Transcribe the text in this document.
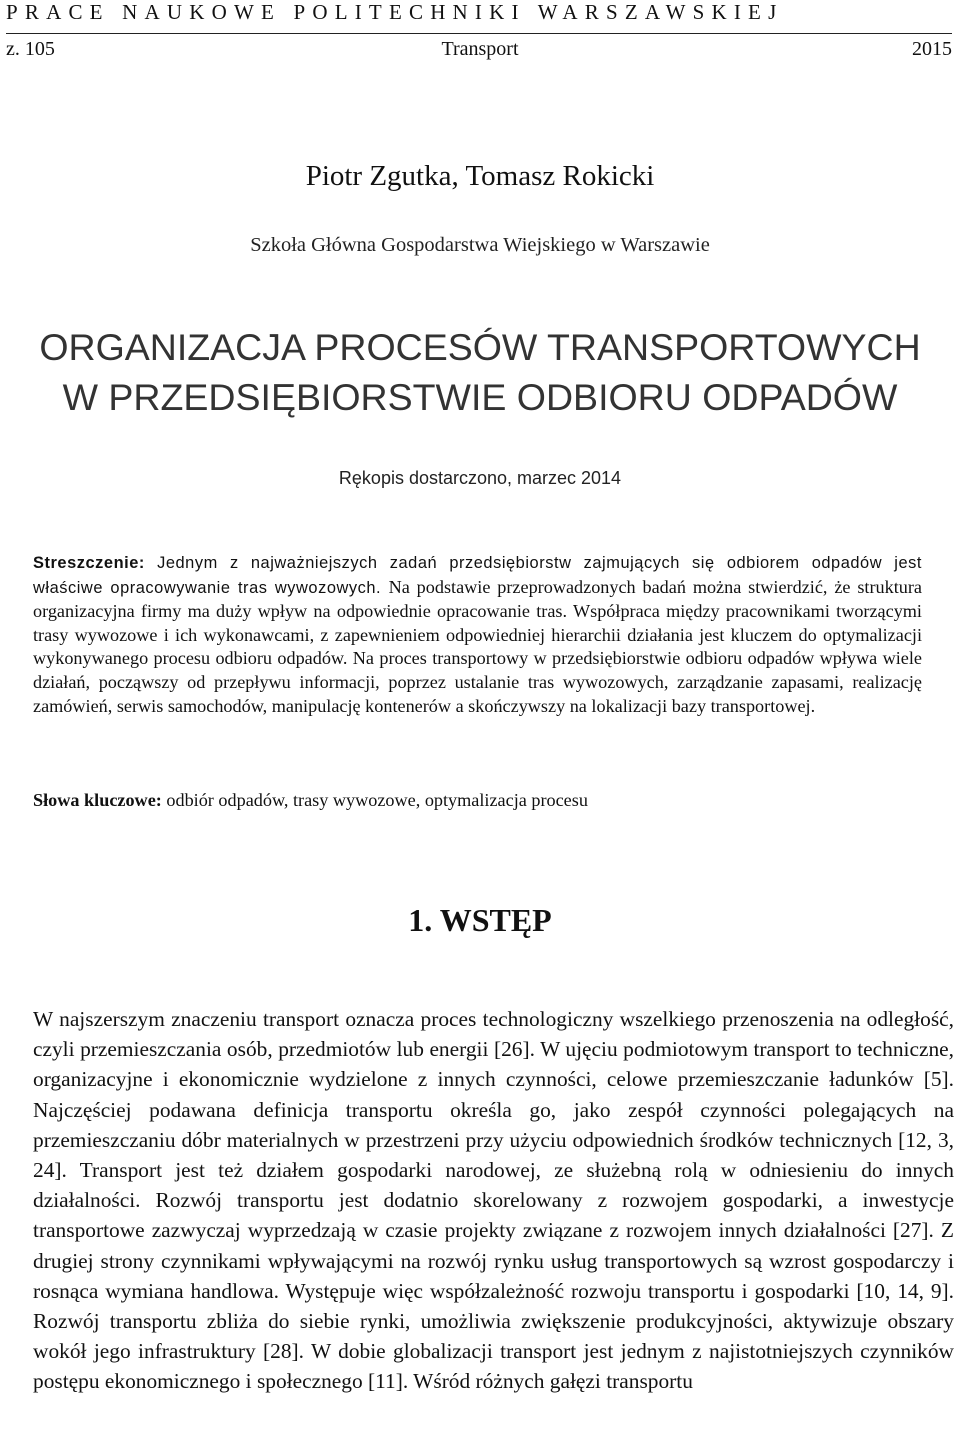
PRACE NAUKOWE POLITECHNIKI WARSZAWSKIEJ
z. 105	Transport	2015
Piotr Zgutka, Tomasz Rokicki
Szkoła Główna Gospodarstwa Wiejskiego w Warszawie
ORGANIZACJA PROCESÓW TRANSPORTOWYCH
W PRZEDSIĘBIORSTWIE ODBIORU ODPADÓW
Rękopis dostarczono, marzec 2014

Streszczenie: Jednym z najważniejszych zadań przedsiębiorstw zajmujących się odbiorem odpadów jest właściwe opracowywanie tras wywozowych. Na podstawie przeprowadzonych badań można stwierdzić, że struktura organizacyjna firmy ma duży wpływ na odpowiednie opracowanie tras. Współpraca między pracownikami tworzącymi trasy wywozowe i ich wykonawcami, z zapewnieniem odpowiedniej hierarchii działania jest kluczem do optymalizacji wykonywanego procesu odbioru odpadów. Na proces transportowy w przedsiębiorstwie odbioru odpadów wpływa wiele działań, począwszy od przepływu informacji, poprzez ustalanie tras wywozowych, zarządzanie zapasami, realizację zamówień, serwis samochodów, manipulację kontenerów a skończywszy na lokalizacji bazy transportowej.

Słowa kluczowe: odbiór odpadów, trasy wywozowe, optymalizacja procesu
1. WSTĘP

W najszerszym znaczeniu transport oznacza proces technologiczny wszelkiego przenoszenia na odległość, czyli przemieszczania osób, przedmiotów lub energii [26]. W ujęciu podmiotowym transport to techniczne, organizacyjne i ekonomicznie wydzielone z innych czynności, celowe przemieszczanie ładunków [5]. Najczęściej podawana definicja transportu określa go, jako zespół czynności polegających na przemieszczaniu dóbr materialnych w przestrzeni przy użyciu odpowiednich środków technicznych [12, 3, 24]. Transport jest też działem gospodarki narodowej, ze służebną rolą w odniesieniu do innych działalności. Rozwój transportu jest dodatnio skorelowany z rozwojem gospodarki, a inwestycje transportowe zazwyczaj wyprzedzają w czasie projekty związane z rozwojem innych działalności [27]. Z drugiej strony czynnikami wpływającymi na rozwój rynku usług transportowych są wzrost gospodarczy i rosnąca wymiana handlowa. Występuje więc współzależność rozwoju transportu i gospodarki [10, 14, 9]. Rozwój transportu zbliża do siebie rynki, umożliwia zwiększenie produkcyjności, aktywizuje obszary wokół jego infrastruktury [28]. W dobie globalizacji transport jest jednym z najistotniejszych czynników postępu ekonomicznego i społecznego [11]. Wśród różnych gałęzi transportu
